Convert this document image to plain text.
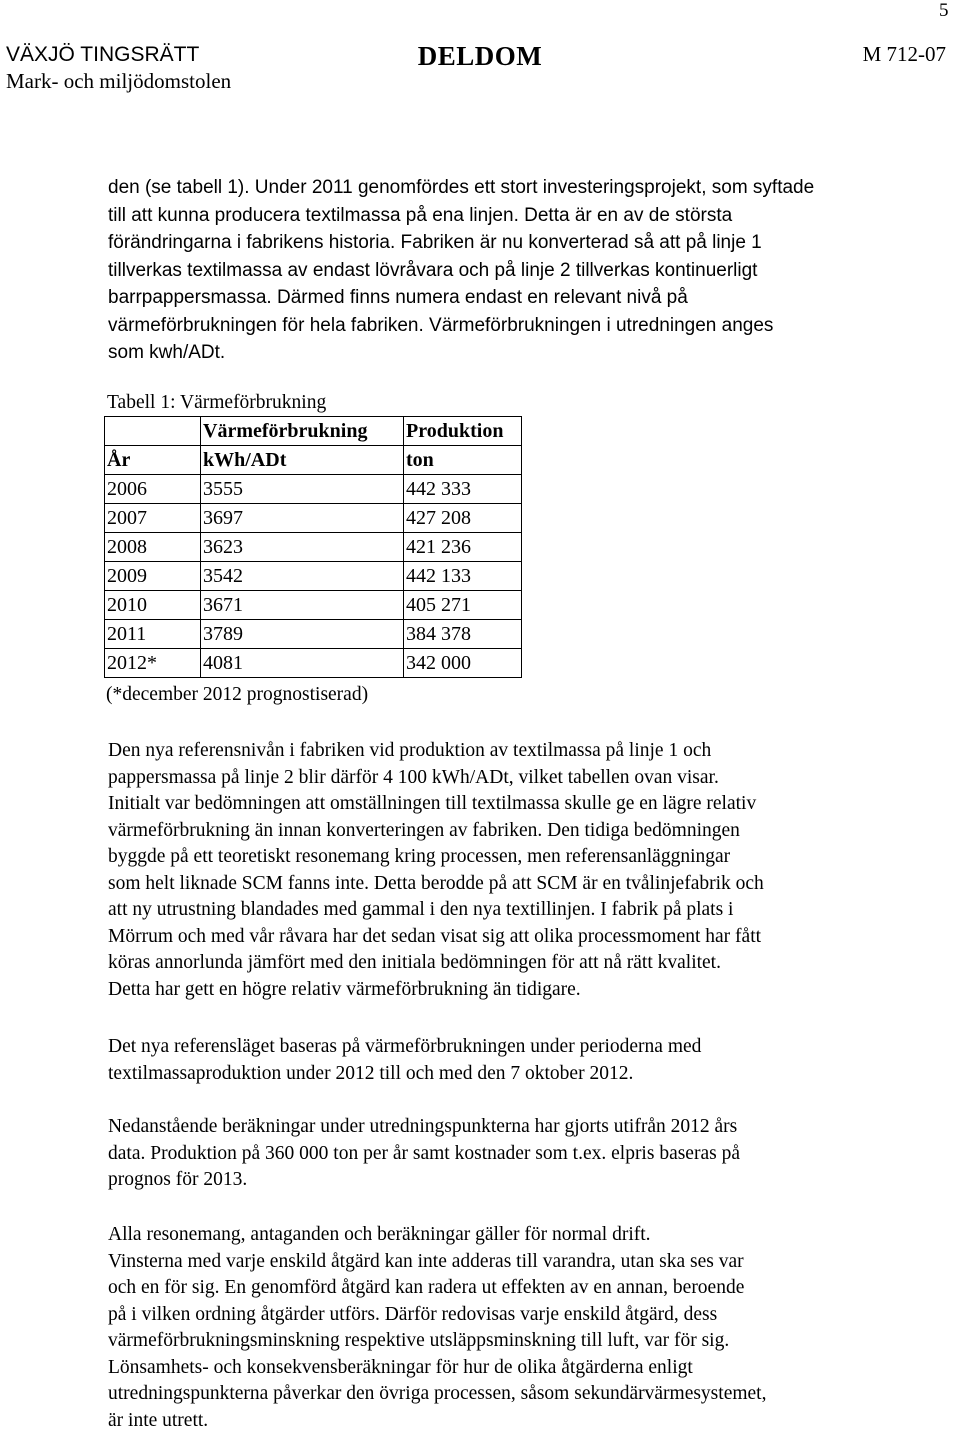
5
VÄXJÖ TINGSRÄTT
Mark- och miljödomstolen
DELDOM	M 712-07
den (se tabell 1). Under 2011 genomfördes ett stort investeringsprojekt, som syftade
till att kunna producera textilmassa på ena linjen. Detta är en av de största
förändringarna i fabrikens historia. Fabriken är nu konverterad så att på linje 1
tillverkas textilmassa av endast lövråvara och på linje 2 tillverkas kontinuerligt
barrpappersmassa. Därmed finns numera endast en relevant nivå på
värmeförbrukningen för hela fabriken. Värmeförbrukningen i utredningen anges
som kwh/ADt.
Tabell 1: Värmeförbrukning
	Värmeförbrukning	Produktion
År	kWh/ADt	ton
2006	3555	442 333
2007	3697	427 208
2008	3623	421 236
2009	3542	442 133
2010	3671	405 271
2011	3789	384 378
2012*	4081	342 000
(*december 2012 prognostiserad)
Den nya referensnivån i fabriken vid produktion av textilmassa på linje 1 och
pappersmassa på linje 2 blir därför 4 100 kWh/ADt, vilket tabellen ovan visar.
Initialt var bedömningen att omställningen till textilmassa skulle ge en lägre relativ
värmeförbrukning än innan konverteringen av fabriken. Den tidiga bedömningen
byggde på ett teoretiskt resonemang kring processen, men referensanläggningar
som helt liknade SCM fanns inte. Detta berodde på att SCM är en tvålinjefabrik och
att ny utrustning blandades med gammal i den nya textillinjen. I fabrik på plats i
Mörrum och med vår råvara har det sedan visat sig att olika processmoment har fått
köras annorlunda jämfört med den initiala bedömningen för att nå rätt kvalitet.
Detta har gett en högre relativ värmeförbrukning än tidigare.
Det nya referensläget baseras på värmeförbrukningen under perioderna med
textilmassaproduktion under 2012 till och med den 7 oktober 2012.
Nedanstående beräkningar under utredningspunkterna har gjorts utifrån 2012 års
data. Produktion på 360 000 ton per år samt kostnader som t.ex. elpris baseras på
prognos för 2013.
Alla resonemang, antaganden och beräkningar gäller för normal drift.
Vinsterna med varje enskild åtgärd kan inte adderas till varandra, utan ska ses var
och en för sig. En genomförd åtgärd kan radera ut effekten av en annan, beroende
på i vilken ordning åtgärder utförs. Därför redovisas varje enskild åtgärd, dess
värmeförbrukningsminskning respektive utsläppsminskning till luft, var för sig.
Lönsamhets- och konsekvensberäkningar för hur de olika åtgärderna enligt
utredningspunkterna påverkar den övriga processen, såsom sekundärvärmesystemet,
är inte utrett.
